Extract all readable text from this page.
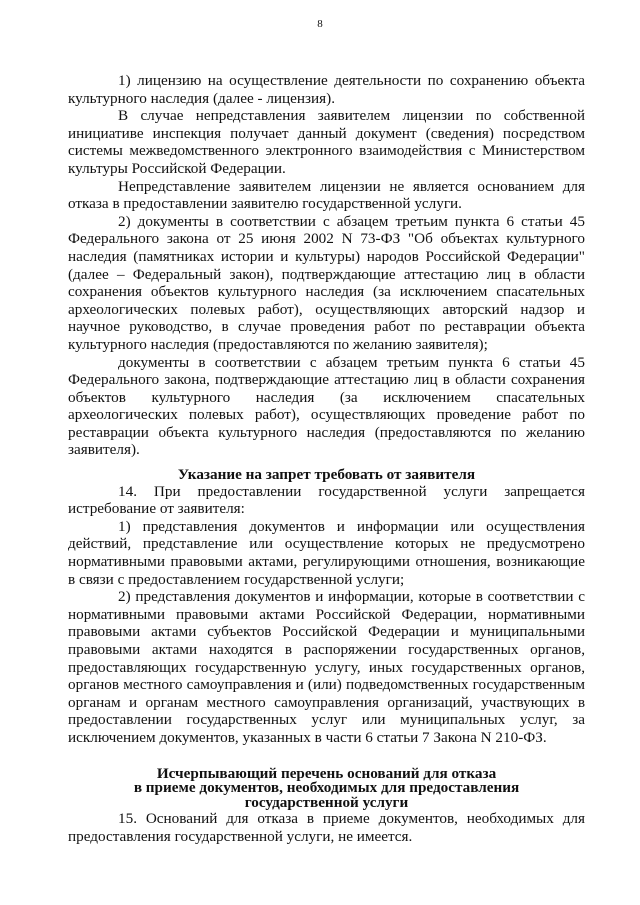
8

1) лицензию на осуществление деятельности по сохранению объекта культурного наследия (далее - лицензия).

В случае непредставления заявителем лицензии по собственной инициативе инспекция получает данный документ (сведения) посредством системы межведомственного электронного взаимодействия с Министерством культуры Российской Федерации.

Непредставление заявителем лицензии не является основанием для отказа в предоставлении заявителю государственной услуги.

2) документы в соответствии с абзацем третьим пункта 6 статьи 45 Федерального закона от 25 июня 2002 N 73-ФЗ "Об объектах культурного наследия (памятниках истории и культуры) народов Российской Федерации" (далее – Федеральный закон), подтверждающие аттестацию лиц в области сохранения объектов культурного наследия (за исключением спасательных археологических полевых работ), осуществляющих авторский надзор и научное руководство, в случае проведения работ по реставрации объекта культурного наследия (предоставляются по желанию заявителя);

документы в соответствии с абзацем третьим пункта 6 статьи 45 Федерального закона, подтверждающие аттестацию лиц в области сохранения объектов культурного наследия (за исключением спасательных археологических полевых работ), осуществляющих проведение работ по реставрации объекта культурного наследия (предоставляются по желанию заявителя).

Указание на запрет требовать от заявителя

14. При предоставлении государственной услуги запрещается истребование от заявителя:

1) представления документов и информации или осуществления действий, представление или осуществление которых не предусмотрено нормативными правовыми актами, регулирующими отношения, возникающие в связи с предоставлением государственной услуги;

2) представления документов и информации, которые в соответствии с нормативными правовыми актами Российской Федерации, нормативными правовыми актами субъектов Российской Федерации и муниципальными правовыми актами находятся в распоряжении государственных органов, предоставляющих государственную услугу, иных государственных органов, органов местного самоуправления и (или) подведомственных государственным органам и органам местного самоуправления организаций, участвующих в предоставлении государственных услуг или муниципальных услуг, за исключением документов, указанных в части 6 статьи 7 Закона N 210-ФЗ.

Исчерпывающий перечень оснований для отказа
в приеме документов, необходимых для предоставления
государственной услуги

15. Оснований для отказа в приеме документов, необходимых для предоставления государственной услуги, не имеется.
